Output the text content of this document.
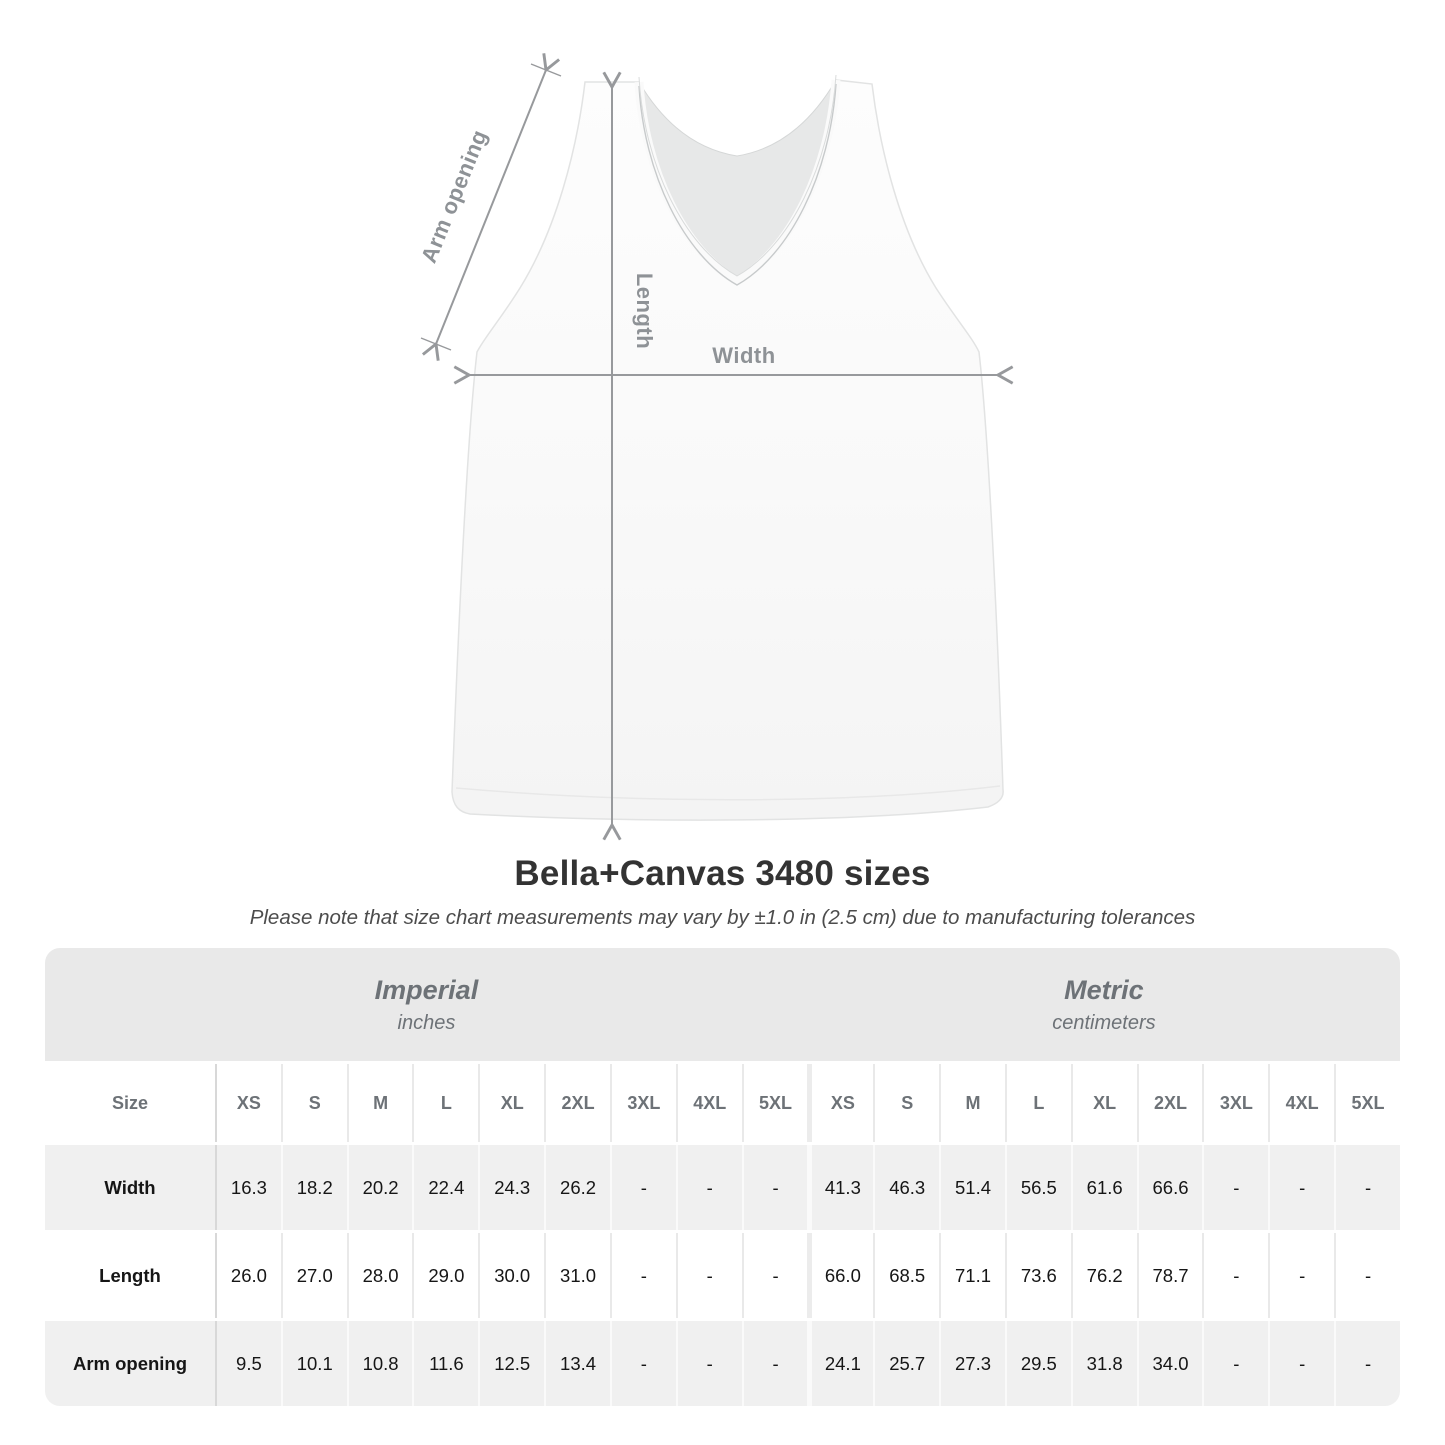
Width
Length
Arm opening
Bella+Canvas 3480 sizes
Please note that size chart measurements may vary by ±1.0 in (2.5 cm) due to manufacturing tolerances
Imperial
inches
Metric
centimeters
Size	XS	S	M	L	XL	2XL	3XL	4XL	5XL	XS	S	M	L	XL	2XL	3XL	4XL	5XL
Width	16.3	18.2	20.2	22.4	24.3	26.2	-	-	-	41.3	46.3	51.4	56.5	61.6	66.6	-	-	-
Length	26.0	27.0	28.0	29.0	30.0	31.0	-	-	-	66.0	68.5	71.1	73.6	76.2	78.7	-	-	-
Arm opening	9.5	10.1	10.8	11.6	12.5	13.4	-	-	-	24.1	25.7	27.3	29.5	31.8	34.0	-	-	-
